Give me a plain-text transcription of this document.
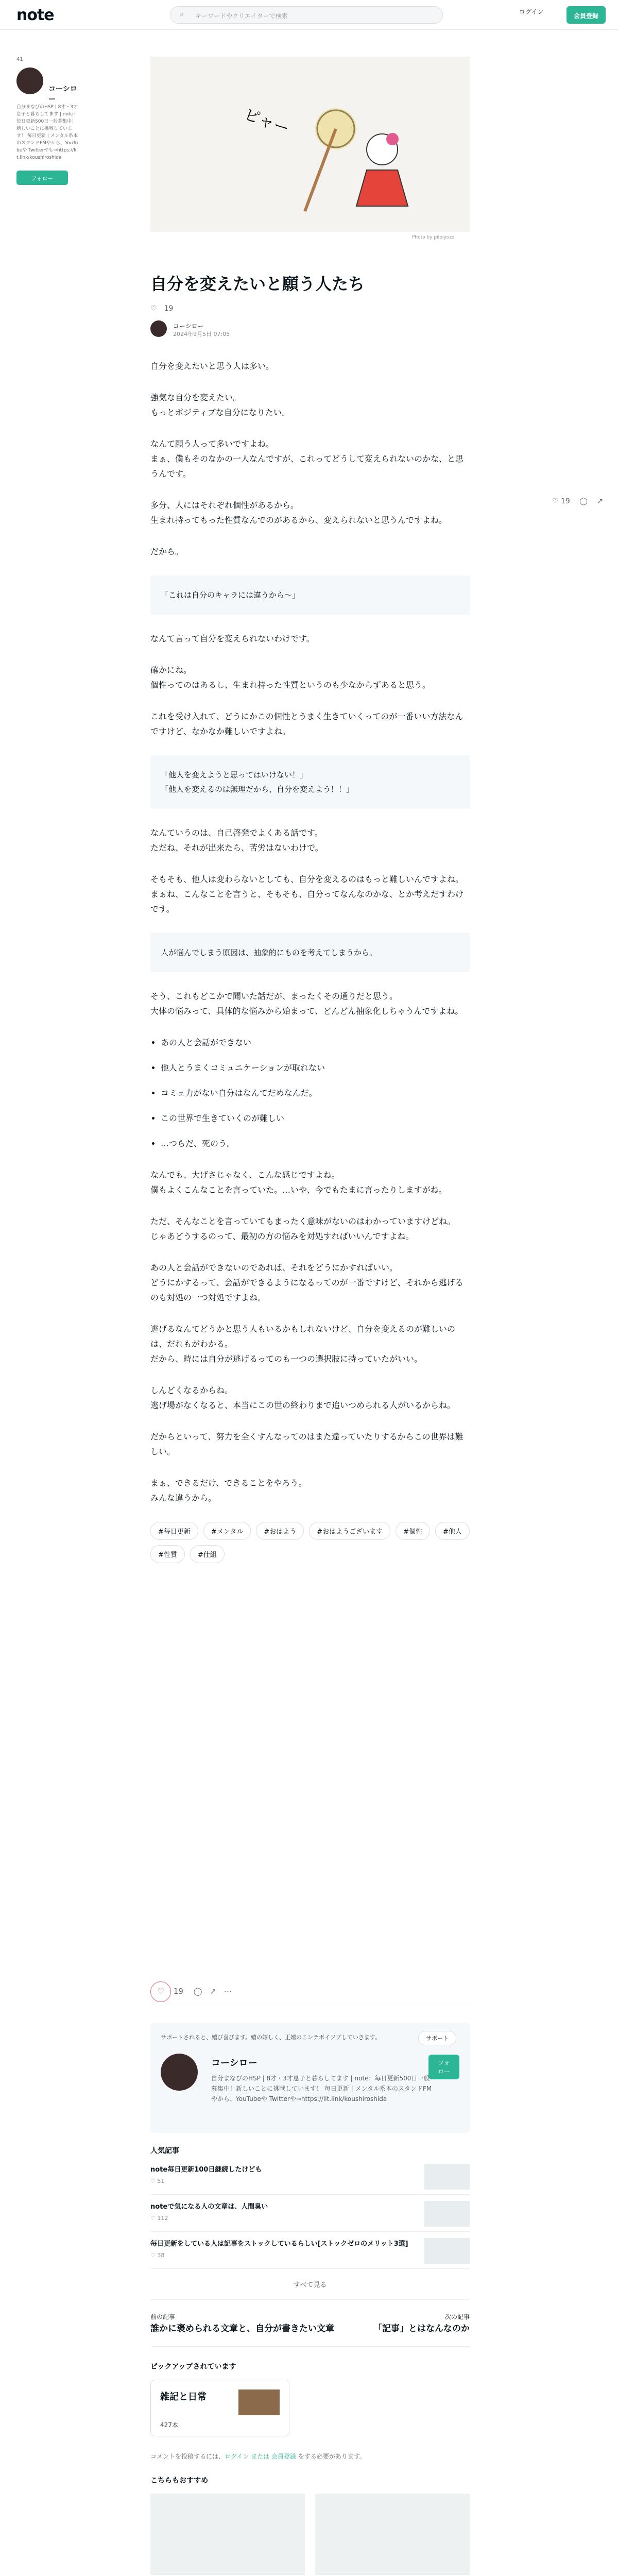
note	⌕ キーワードやクリエイターで検索
ログイン
会員登録
41
コーシロー
自分まなびのHSP | 8才・3才息子と暮らしてます | note：毎日更新500日一般募集中！新しいことに挑戦しています！ 毎日更新 | メンタル系本のスタンドFMやから、YouTubeや Twitterやも→https://lit.link/koushiroshida
フォロー
ピャー
Photo by piipiyozo
♡ 19 　◯ 　↗
自分を変えたいと願う人たち
♡　 19
コーシロー
2024年9月5日 07:05

自分を変えたいと思う人は多い。

強気な自分を変えたい。
もっとポジティブな自分になりたい。

なんて願う人って多いですよね。
まぁ、僕もそのなかの一人なんですが、これってどうして変えられないのかな、と思うんです。

多分、人にはそれぞれ個性があるから。
生まれ持ってもった性質なんでのがあるから、変えられないと思うんですよね。

だから。

「これは自分のキャラには違うから～」

なんて言って自分を変えられないわけです。

確かにね。
個性ってのはあるし、生まれ持った性質というのも少なからずあると思う。

これを受け入れて、どうにかこの個性とうまく生きていくってのが一番いい方法なんですけど、なかなか難しいですよね。

「他人を変えようと思ってはいけない！」
「他人を変えるのは無理だから、自分を変えよう！！」

なんていうのは、自己啓発でよくある話です。
ただね、それが出来たら、苦労はないわけで。

そもそも、他人は変わらないとしても、自分を変えるのはもっと難しいんですよね。
まぁね、こんなことを言うと、そもそも、自分ってなんなのかな、とか考えだすわけです。

人が悩んでしまう原因は、抽象的にものを考えてしまうから。

そう、これもどこかで聞いた話だが、まったくその通りだと思う。
大体の悩みって、具体的な悩みから始まって、どんどん抽象化しちゃうんですよね。

• あの人と会話ができない
• 他人とうまくコミュニケーションが取れない
• コミュ力がない自分はなんてだめなんだ。
• この世界で生きていくのが難しい
• …つらだ、死のう。

なんでも、大げさじゃなく、こんな感じですよね。
僕もよくこんなことを言っていた。…いや、今でもたまに言ったりしますがね。

ただ、そんなことを言っていてもまったく意味がないのはわかっていますけどね。
じゃあどうするのって、最初の方の悩みを対処すればいいんですよね。

あの人と会話ができないのであれば、それをどうにかすればいい。
どうにかするって、会話ができるようになるってのが一番ですけど、それから逃げるのも対処の一つ対処ですよね。

逃げるなんてどうかと思う人もいるかもしれないけど、自分を変えるのが難しいのは、だれもがわかる。
だから、時には自分が逃げるってのも一つの選択肢に持っていたがいい。

しんどくなるからね。
逃げ場がなくなると、本当にこの世の終わりまで追いつめられる人がいるからね。

だからといって、努力を全くすんなってのはまた違っていたりするからこの世界は難しい。

まぁ、できるだけ、できることをやろう。
みんな違うから。

#毎日更新	#メンタル	#おはよう	#おはようございます	#個性	#他人
#性質	#仕組
♡ 19 　◯　↗　⋯
サポートされると、嬉び喜びます。嬉の嬉しく、正嬉のこンテポイソプしていきます。	サポート
コーシロー	フォロー
自分まなびのHSP | 8才・3才息子と暮らしてます | note：毎日更新500日一般募集中！新しいことに挑戦しています！ 毎日更新 | メンタル系本のスタンドFMやから、YouTubeや Twitterや→https://lit.link/koushiroshida
人気記事
note毎日更新100日継続したけども
♡ 51
noteで気になる人の文章は、人間臭い
♡ 112
毎日更新をしている人は記事をストックしているらしい[ストックゼロのメリット3選]
♡ 38
すべて見る
前の記事
誰かに褒められる文章と、自分が書きたい文章
次の記事
「記事」とはなんなのか
ピックアップされています
雑記と日常
427本
コメントを投稿するには、ログイン または 会員登録 をする必要があります。
こちらもおすすめ
